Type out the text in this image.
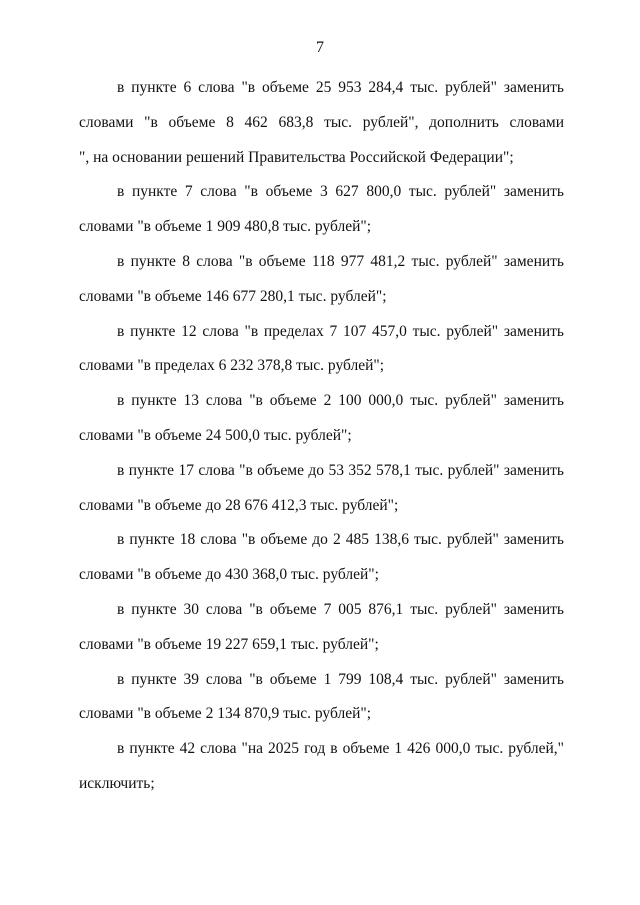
7

в пункте 6 слова "в объеме 25 953 284,4 тыс. рублей" заменить
словами "в объеме 8 462 683,8 тыс. рублей", дополнить словами
", на основании решений Правительства Российской Федерации";

в пункте 7 слова "в объеме 3 627 800,0 тыс. рублей" заменить
словами "в объеме 1 909 480,8 тыс. рублей";

в пункте 8 слова "в объеме 118 977 481,2 тыс. рублей" заменить
словами "в объеме 146 677 280,1 тыс. рублей";

в пункте 12 слова "в пределах 7 107 457,0 тыс. рублей" заменить
словами "в пределах 6 232 378,8 тыс. рублей";

в пункте 13 слова "в объеме 2 100 000,0 тыс. рублей" заменить
словами "в объеме 24 500,0 тыс. рублей";

в пункте 17 слова "в объеме до 53 352 578,1 тыс. рублей" заменить
словами "в объеме до 28 676 412,3 тыс. рублей";

в пункте 18 слова "в объеме до 2 485 138,6 тыс. рублей" заменить
словами "в объеме до 430 368,0 тыс. рублей";

в пункте 30 слова "в объеме 7 005 876,1 тыс. рублей" заменить
словами "в объеме 19 227 659,1 тыс. рублей";

в пункте 39 слова "в объеме 1 799 108,4 тыс. рублей" заменить
словами "в объеме 2 134 870,9 тыс. рублей";

в пункте 42 слова "на 2025 год в объеме 1 426 000,0 тыс. рублей,"
исключить;
